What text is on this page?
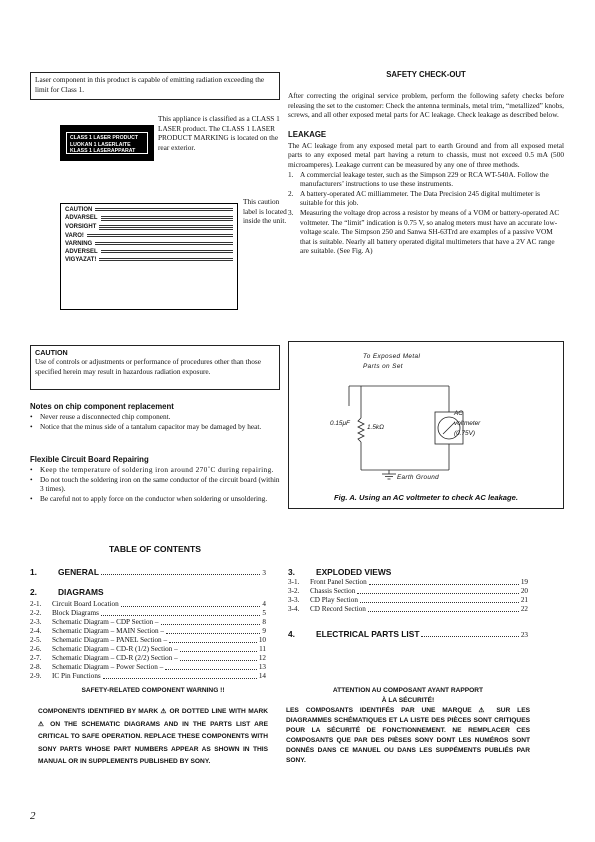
Laser component in this product is capable of emitting radiation exceeding the limit for Class 1.

CLASS 1 LASER PRODUCT
LUOKAN 1 LASERLAITE
KLASS 1 LASERAPPARAT

This appliance is classified as a CLASS 1 LASER product. The CLASS 1 LASER PRODUCT MARKING is located on the rear exterior.

CAUTION
ADVARSEL
VORSIGHT
VARO!
VARNING
ADVERSEL
VIGYAZAT!

This caution label is located inside the unit.

SAFETY CHECK-OUT

After correcting the original service problem, perform the following safety checks before releasing the set to the customer: Check the antenna terminals, metal trim, “metallized” knobs, screws, and all other exposed metal parts for AC leakage. Check leakage as described below.

LEAKAGE

The AC leakage from any exposed metal part to earth Ground and from all exposed metal parts to any exposed metal part having a return to chassis, must not exceed 0.5 mA (500 microamperes). Leakage current can be measured by any one of three methods.

1. A commercial leakage tester, such as the Simpson 229 or RCA WT-540A. Follow the manufacturers’ instructions to use these instruments.
2. A battery-operated AC milliammeter. The Data Precision 245 digital multimeter is suitable for this job.
3. Measuring the voltage drop across a resistor by means of a VOM or battery-operated AC voltmeter. The “limit” indication is 0.75 V, so analog meters must have an accurate low-voltage scale. The Simpson 250 and Sanwa SH-63Trd are examples of a passive VOM that is suitable. Nearly all battery operated digital multimeters that have a 2V AC range are suitable. (See Fig. A)
CAUTION

Use of controls or adjustments or performance of procedures other than those specified herein may result in hazardous radiation exposure.

Notes on chip component replacement
• Never reuse a disconnected chip component.
• Notice that the minus side of a tantalum capacitor may be damaged by heat.
Flexible Circuit Board Repairing
• Keep the temperature of soldering iron around 270˚C during repairing.
• Do not touch the soldering iron on the same conductor of the circuit board (within 3 times).
• Be careful not to apply force on the conductor when soldering or unsoldering.
To Exposed Metal
Parts on Set
0.15μF
1.5kΩ
AC
voltmeter
(0.75V)
Earth Ground
Fig. A. Using an AC voltmeter to check AC leakage.
TABLE OF CONTENTS
1.	GENERAL	3
2.	DIAGRAMS
2-1.	Circuit Board Location	4
2-2.	Block Diagrams	5
2-3.	Schematic Diagram – CDP Section –	8
2-4.	Schematic Diagram – MAIN Section –	9
2-5.	Schematic Diagram – PANEL Section –	10
2-6.	Schematic Diagram – CD-R (1/2) Section –	11
2-7.	Schematic Diagram – CD-R (2/2) Section –	12
2-8.	Schematic Diagram – Power Section –	13
2-9.	IC Pin Functions	14
3.	EXPLODED VIEWS
3-1.	Front Panel Section	19
3-2.	Chassis Section	20
3-3.	CD Play Section	21
3-4.	CD Record Section	22
4.	ELECTRICAL PARTS LIST	23
SAFETY-RELATED COMPONENT WARNING !!
COMPONENTS IDENTIFIED BY MARK ⚠ OR DOTTED LINE WITH MARK ⚠ ON THE SCHEMATIC DIAGRAMS AND IN THE PARTS LIST ARE CRITICAL TO SAFE OPERATION. REPLACE THESE COMPONENTS WITH SONY PARTS WHOSE PART NUMBERS APPEAR AS SHOWN IN THIS MANUAL OR IN SUPPLEMENTS PUBLISHED BY SONY.
ATTENTION AU COMPOSANT AYANT RAPPORT
À LA SÉCURITÉ!
LES COMPOSANTS IDENTIFÉS PAR UNE MARQUE ⚠ SUR LES DIAGRAMMES SCHÉMATIQUES ET LA LISTE DES PIÈCES SONT CRITIQUES POUR LA SÉCURITÉ DE FONCTIONNEMENT. NE REMPLACER CES COMPOSANTS QUE PAR DES PIÈSES SONY DONT LES NUMÉROS SONT DONNÉS DANS CE MANUEL OU DANS LES SUPPÉMENTS PUBLIÉS PAR SONY.
2
